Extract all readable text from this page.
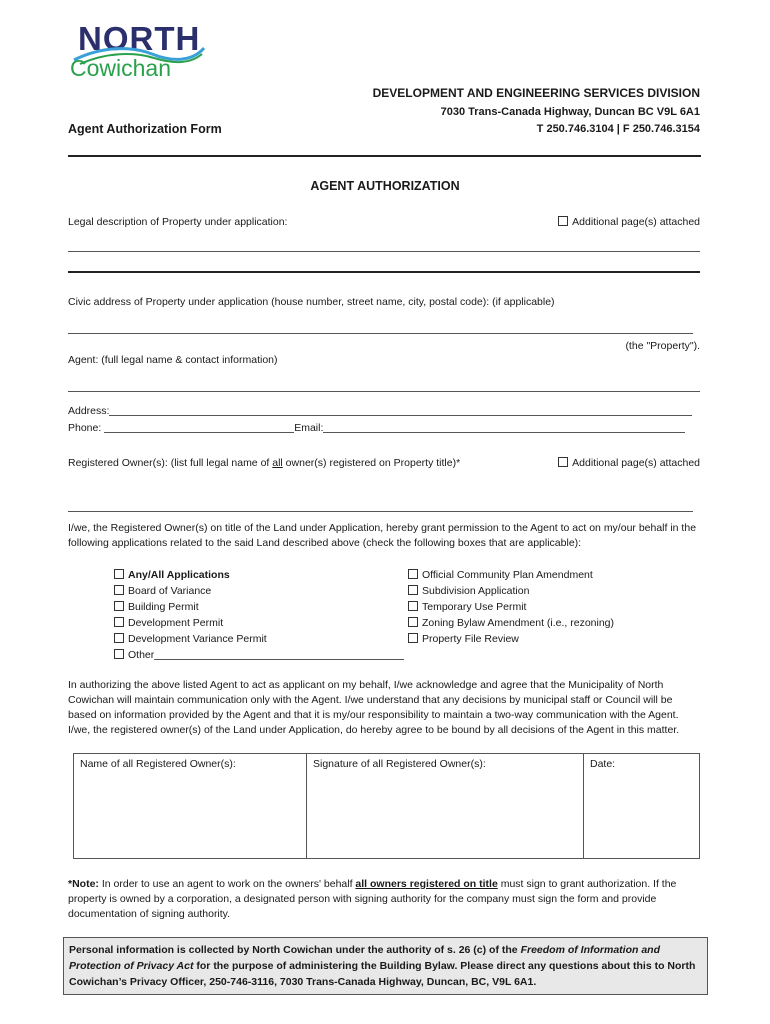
NORTH
Cowichan
DEVELOPMENT AND ENGINEERING SERVICES DIVISION
7030 Trans-Canada Highway, Duncan BC V9L 6A1
T 250.746.3104 | F 250.746.3154
Agent Authorization Form
AGENT AUTHORIZATION
Legal description of Property under application:	Additional page(s) attached
Civic address of Property under application (house number, street name, city, postal code): (if applicable)
(the "Property").
Agent: (full legal name & contact information)
Address:
Phone:	Email:
Registered Owner(s): (list full legal name of all owner(s) registered on Property title)*	Additional page(s) attached
I/we, the Registered Owner(s) on title of the Land under Application, hereby grant permission to the Agent to act on my/our behalf in the following applications related to the said Land described above (check the following boxes that are applicable):
Any/All Applications
Board of Variance
Building Permit
Development Permit
Development Variance Permit
Other
Official Community Plan Amendment
Subdivision Application
Temporary Use Permit
Zoning Bylaw Amendment (i.e., rezoning)
Property File Review
In authorizing the above listed Agent to act as applicant on my behalf, I/we acknowledge and agree that the Municipality of North Cowichan will maintain communication only with the Agent. I/we understand that any decisions by municipal staff or Council will be based on information provided by the Agent and that it is my/our responsibility to maintain a two-way communication with the Agent. I/we, the registered owner(s) of the Land under Application, do hereby agree to be bound by all decisions of the Agent in this matter.
Name of all Registered Owner(s):	Signature of all Registered Owner(s):	Date:
*Note: In order to use an agent to work on the owners' behalf all owners registered on title must sign to grant authorization. If the property is owned by a corporation, a designated person with signing authority for the company must sign the form and provide documentation of signing authority.
Personal information is collected by North Cowichan under the authority of s. 26 (c) of the Freedom of Information and Protection of Privacy Act for the purpose of administering the Building Bylaw. Please direct any questions about this to North Cowichan’s Privacy Officer, 250-746-3116, 7030 Trans-Canada Highway, Duncan, BC, V9L 6A1.
